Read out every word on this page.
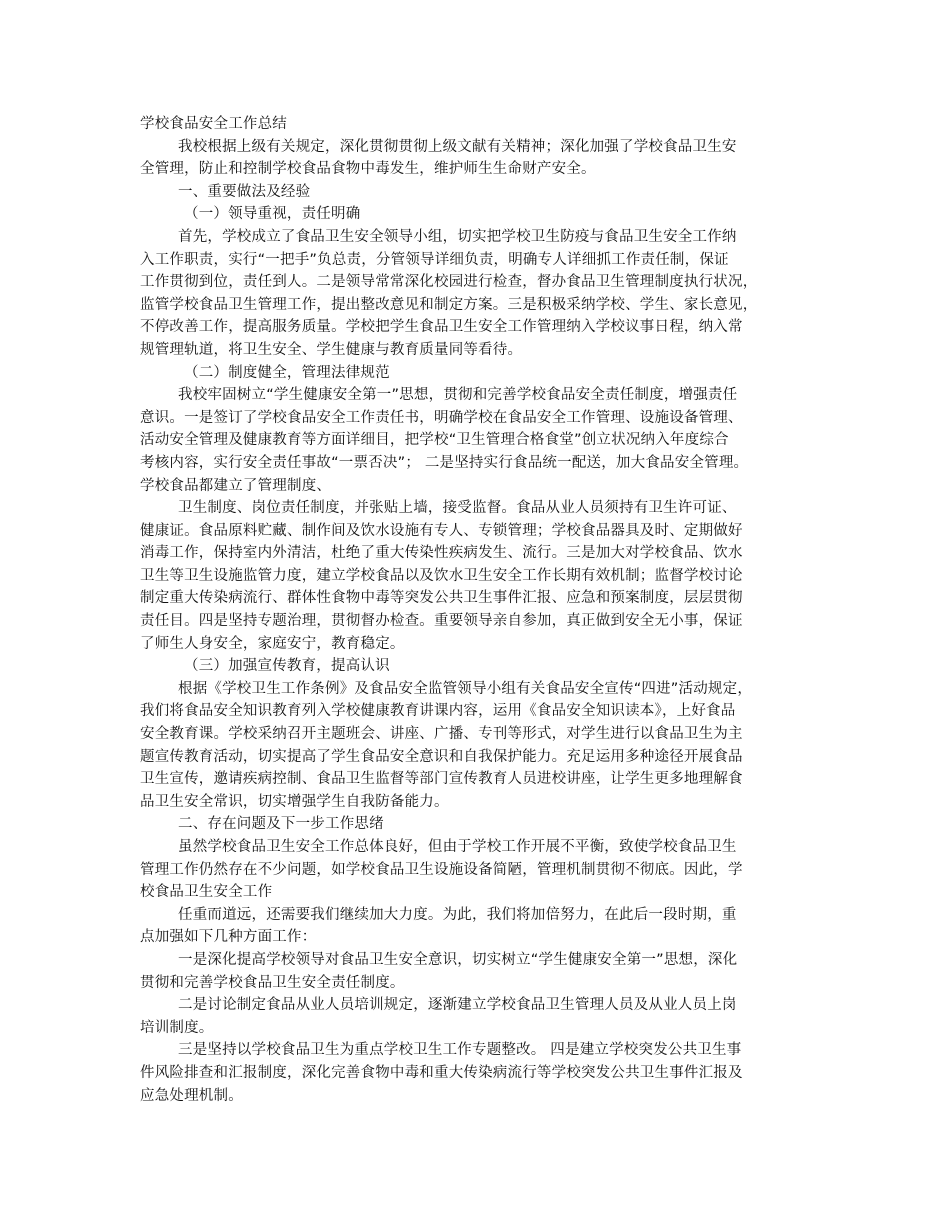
学校食品安全工作总结
我校根据上级有关规定，深化贯彻贯彻上级文献有关精神；深化加强了学校食品卫生安
全管理，防止和控制学校食品食物中毒发生，维护师生生命财产安全。
一、重要做法及经验
（一）领导重视，责任明确
首先，学校成立了食品卫生安全领导小组，切实把学校卫生防疫与食品卫生安全工作纳
入工作职责，实行“一把手”负总责，分管领导详细负责，明确专人详细抓工作责任制，保证
工作贯彻到位，责任到人。二是领导常常深化校园进行检查，督办食品卫生管理制度执行状况，
监管学校食品卫生管理工作，提出整改意见和制定方案。三是积极采纳学校、学生、家长意见，
不停改善工作，提高服务质量。学校把学生食品卫生安全工作管理纳入学校议事日程，纳入常
规管理轨道，将卫生安全、学生健康与教育质量同等看待。
（二）制度健全，管理法律规范
我校牢固树立“学生健康安全第一”思想，贯彻和完善学校食品安全责任制度，增强责任
意识。一是签订了学校食品安全工作责任书，明确学校在食品安全工作管理、设施设备管理、
活动安全管理及健康教育等方面详细目，把学校“卫生管理合格食堂”创立状况纳入年度综合
考核内容，实行安全责任事故“一票否决”； 二是坚持实行食品统一配送，加大食品安全管理。
学校食品都建立了管理制度、
卫生制度、岗位责任制度，并张贴上墙，接受监督。食品从业人员须持有卫生许可证、
健康证。食品原料贮藏、制作间及饮水设施有专人、专锁管理；学校食品器具及时、定期做好
消毒工作，保持室内外清洁，杜绝了重大传染性疾病发生、流行。三是加大对学校食品、饮水
卫生等卫生设施监管力度，建立学校食品以及饮水卫生安全工作长期有效机制；监督学校讨论
制定重大传染病流行、群体性食物中毒等突发公共卫生事件汇报、应急和预案制度，层层贯彻
责任目。四是坚持专题治理，贯彻督办检查。重要领导亲自参加，真正做到安全无小事，保证
了师生人身安全，家庭安宁，教育稳定。
（三）加强宣传教育，提高认识
根据《学校卫生工作条例》及食品安全监管领导小组有关食品安全宣传“四进”活动规定，
我们将食品安全知识教育列入学校健康教育讲课内容，运用《食品安全知识读本》，上好食品
安全教育课。学校采纳召开主题班会、讲座、广播、专刊等形式，对学生进行以食品卫生为主
题宣传教育活动，切实提高了学生食品安全意识和自我保护能力。充足运用多种途径开展食品
卫生宣传，邀请疾病控制、食品卫生监督等部门宣传教育人员进校讲座，让学生更多地理解食
品卫生安全常识，切实增强学生自我防备能力。
二、存在问题及下一步工作思绪
虽然学校食品卫生安全工作总体良好，但由于学校工作开展不平衡，致使学校食品卫生
管理工作仍然存在不少问题，如学校食品卫生设施设备简陋，管理机制贯彻不彻底。因此，学
校食品卫生安全工作
任重而道远，还需要我们继续加大力度。为此，我们将加倍努力，在此后一段时期，重
点加强如下几种方面工作：
一是深化提高学校领导对食品卫生安全意识，切实树立“学生健康安全第一”思想，深化
贯彻和完善学校食品卫生安全责任制度。
二是讨论制定食品从业人员培训规定，逐渐建立学校食品卫生管理人员及从业人员上岗
培训制度。
三是坚持以学校食品卫生为重点学校卫生工作专题整改。 四是建立学校突发公共卫生事
件风险排查和汇报制度，深化完善食物中毒和重大传染病流行等学校突发公共卫生事件汇报及
应急处理机制。
